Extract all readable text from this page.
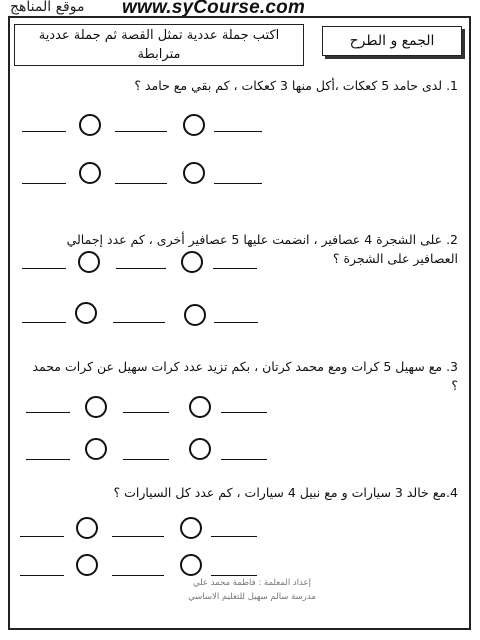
www.syCourse.com
موقع المناهج
الجمع و الطرح
اكتب جملة عددية تمثل القصة ثم جملة عددية مترابطة
1. لدى حامد 5 كعكات ،أكل منها 3 كعكات ، كم بقي مع حامد ؟
2. على الشجرة 4 عصافير ، انضمت عليها 5 عصافير أخرى ، كم عدد إجمالي العصافير على الشجرة ؟
3. مع سهيل 5 كرات ومع محمد كرتان ، بكم تزيد عدد كرات سهيل عن كرات محمد ؟
4.مع خالد 3 سيارات و مع نبيل 4 سيارات ، كم عدد كل السيارات ؟
إعداد المعلمة : فاطمة محمد علي
مدرسة سالم سهيل للتعليم الاساسي
